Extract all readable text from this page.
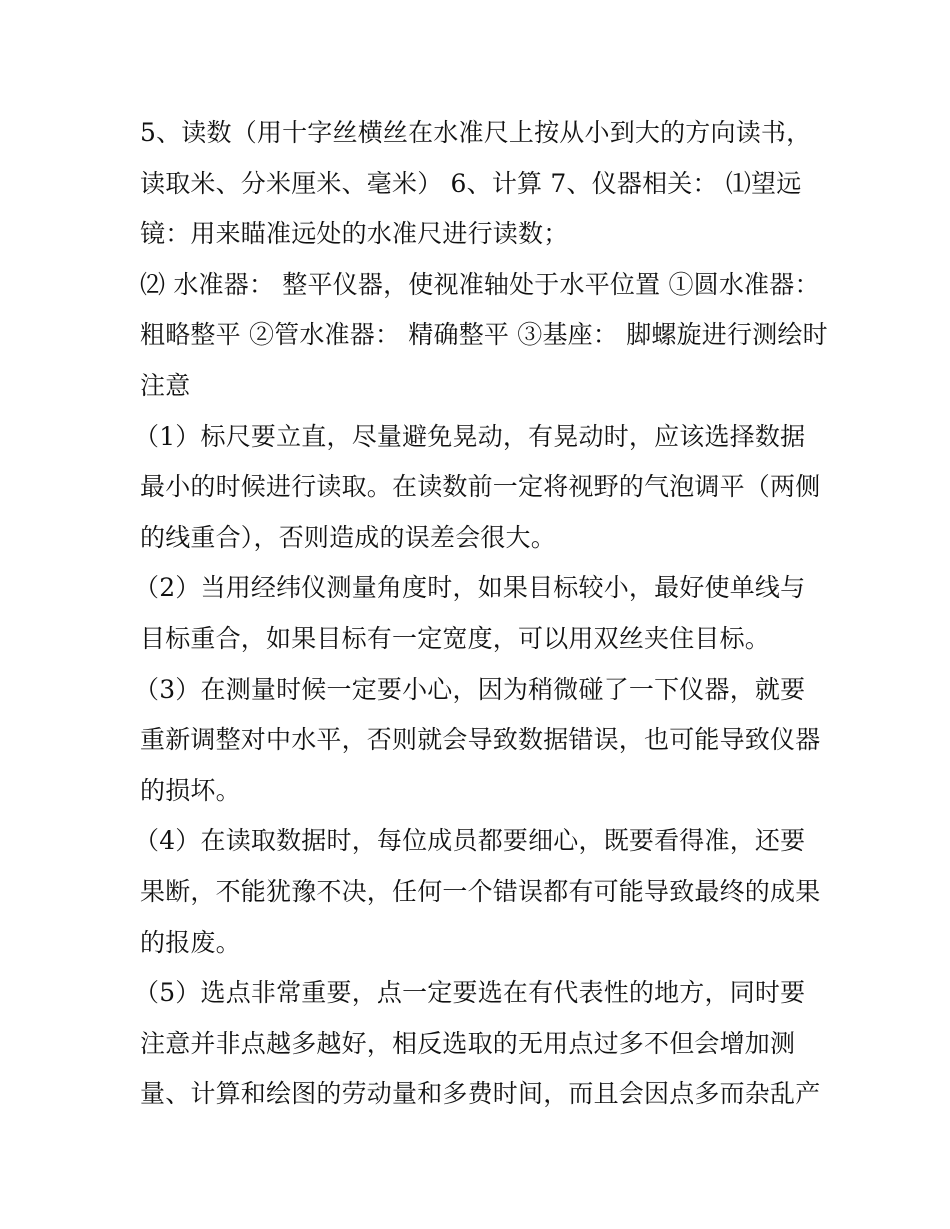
5、读数（用十字丝横丝在水准尺上按从小到大的方向读书，
读取米、分米厘米、毫米） 6、计算 7、仪器相关： ⑴望远
镜：用来瞄准远处的水准尺进行读数；

⑵ 水准器： 整平仪器，使视准轴处于水平位置 ①圆水准器：
粗略整平 ②管水准器： 精确整平 ③基座： 脚螺旋进行测绘时
注意

（1）标尺要立直，尽量避免晃动，有晃动时，应该选择数据
最小的时候进行读取。在读数前一定将视野的气泡调平（两侧
的线重合），否则造成的误差会很大。

（2）当用经纬仪测量角度时，如果目标较小，最好使单线与
目标重合，如果目标有一定宽度，可以用双丝夹住目标。

（3）在测量时候一定要小心，因为稍微碰了一下仪器，就要
重新调整对中水平，否则就会导致数据错误，也可能导致仪器
的损坏。

（4）在读取数据时，每位成员都要细心，既要看得准，还要
果断，不能犹豫不决，任何一个错误都有可能导致最终的成果
的报废。

（5）选点非常重要，点一定要选在有代表性的地方，同时要
注意并非点越多越好，相反选取的无用点过多不但会增加测
量、计算和绘图的劳动量和多费时间，而且会因点多而杂乱产
